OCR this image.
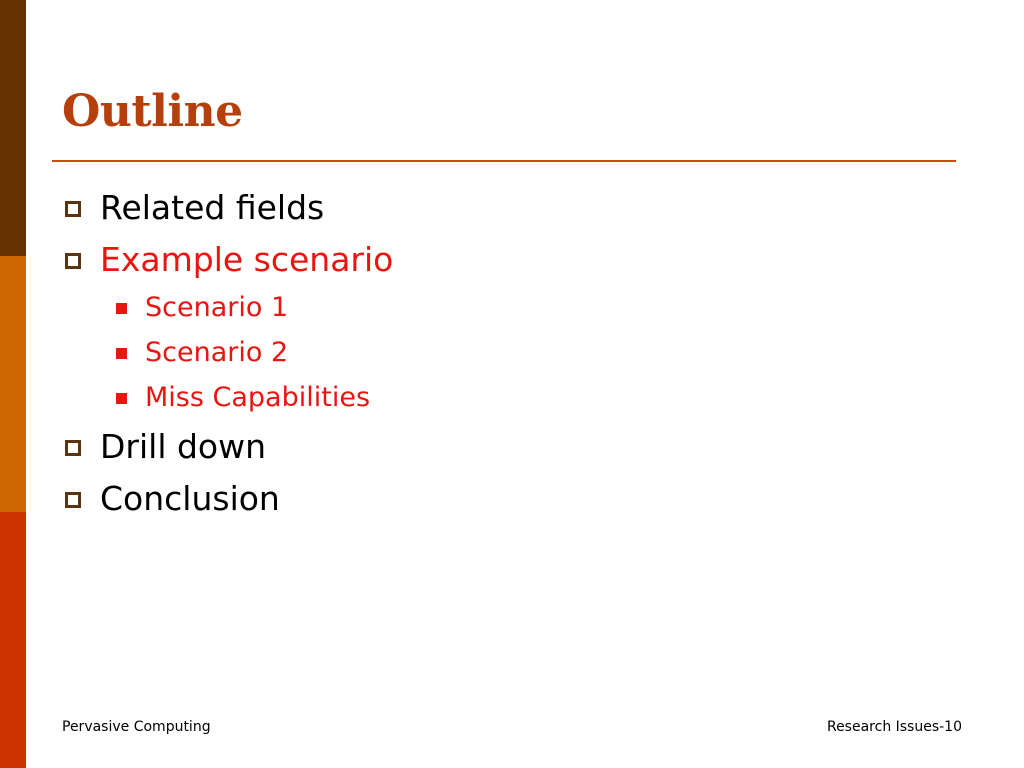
Outline
Related fields
Example scenario
Scenario 1
Scenario 2
Miss Capabilities
Drill down
Conclusion
Pervasive Computing	Research Issues-10
